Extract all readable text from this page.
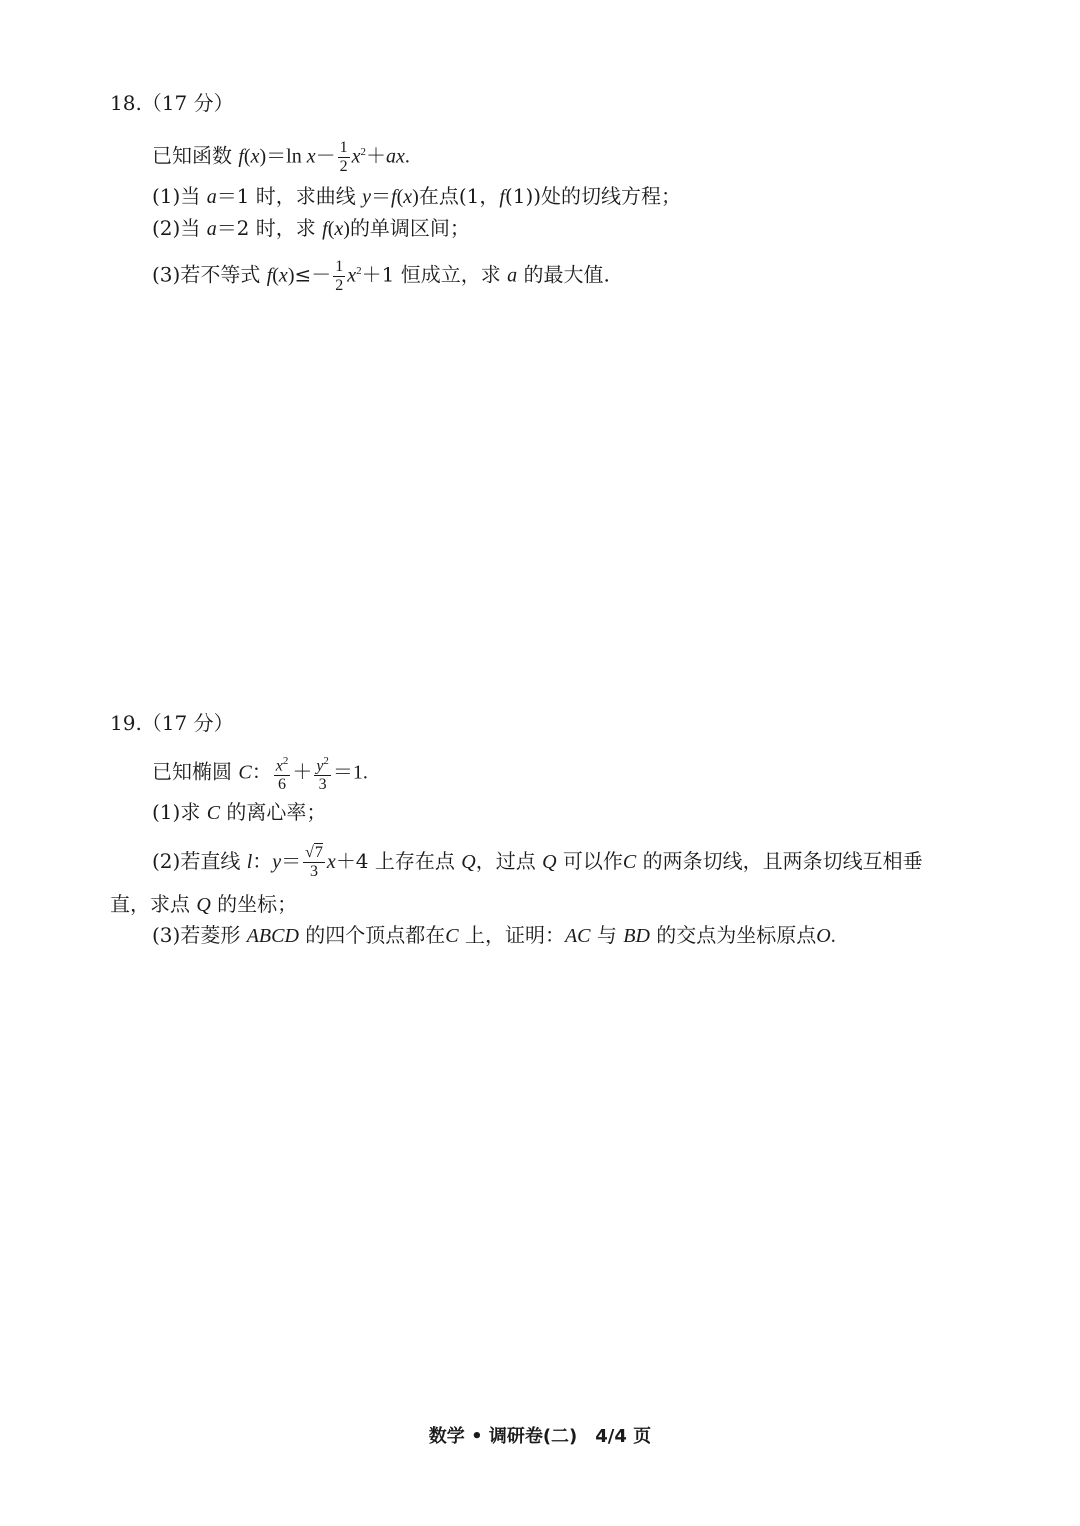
18.（17 分）
已知函数 f(x)＝ln $x- \frac{1}{2} x^2+ax$.
(1)当 a＝1 时，求曲线 y＝f(x)在点(1，f(1))处的切线方程；
(2)当 a＝2 时，求 f(x)的单调区间；
(3)若不等式 $f(x)\le- \frac{1}{2} x^2+1$ 恒成立，求 a 的最大值.
19.（17 分）
已知椭圆 C： $\frac{x^2}{6} + \frac{y^2}{3} =1$.
(1)求 C 的离心率；
(2)若直线 l：$y= \frac{√7}{3} x+4$ 上存在点 Q，过点 Q 可以作C 的两条切线，且两条切线互相垂
直，求点 Q 的坐标；
(3)若菱形 ABCD 的四个顶点都在C 上，证明：AC 与 BD 的交点为坐标原点O.
数学 • 调研卷(二)　4/4 页
